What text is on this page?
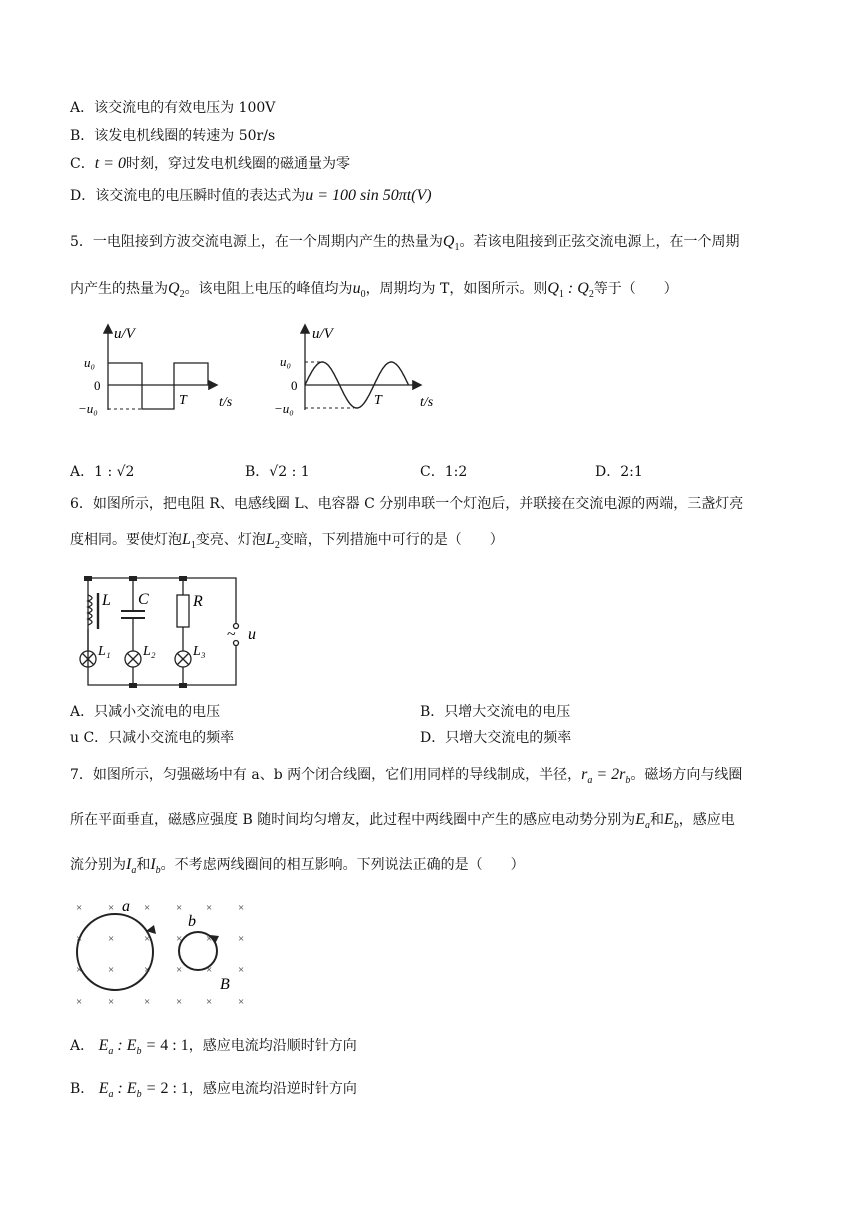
A．该交流电的有效电压为 100V
B．该发电机线圈的转速为 50r/s
C．t = 0时刻，穿过发电机线圈的磁通量为零
D．该交流电的电压瞬时值的表达式为u = 100 sin 50πt(V)
5．一电阻接到方波交流电源上，在一个周期内产生的热量为$Q_1$。若该电阻接到正弦交流电源上，在一个周期
内产生的热量为$Q_2$。该电阻上电压的峰值均为$u_0$，周期均为 T，如图所示。则$Q_1$ : $Q_2$等于（　　）
u/V
u₀
0
−u₀
T t/s
u/V
u₀
0
−u₀
T	t/s
A．1 : √2	B．√2 : 1	C．1:2	D．2:1
6．如图所示，把电阻 R、电感线圈 L、电容器 C 分别串联一个灯泡后，并联接在交流电源的两端，三盏灯亮
度相同。要使灯泡$L_1$变亮、灯泡$L_2$变暗，下列措施中可行的是（　　）
L C	R
L₁ L₂	L₃
~ u
A．只减小交流电的电压	B．只增大交流电的电压
u C．只减小交流电的频率	D．只增大交流电的频率
7．如图所示，匀强磁场中有 a、b 两个闭合线圈，它们用同样的导线制成，半径，$r_a = 2r_b$。磁场方向与线圈
所在平面垂直，磁感应强度 B 随时间均匀增友，此过程中两线圈中产生的感应电动势分别为$E_a$和$E_b$，感应电
流分别为$I_a$和$I_b$。不考虑两线圈间的相互影响。下列说法正确的是（　　）
×
×
×
×
×
×
×
×
×
×
×
×
×
×
×
×
×
×
×
×
×
×
×
×
a
b
B
A． $E_a$ : $E_b = 4$ : 1，感应电流均沿顺时针方向
B． $E_a$ : $E_b = 2$ : 1，感应电流均沿逆时针方向
